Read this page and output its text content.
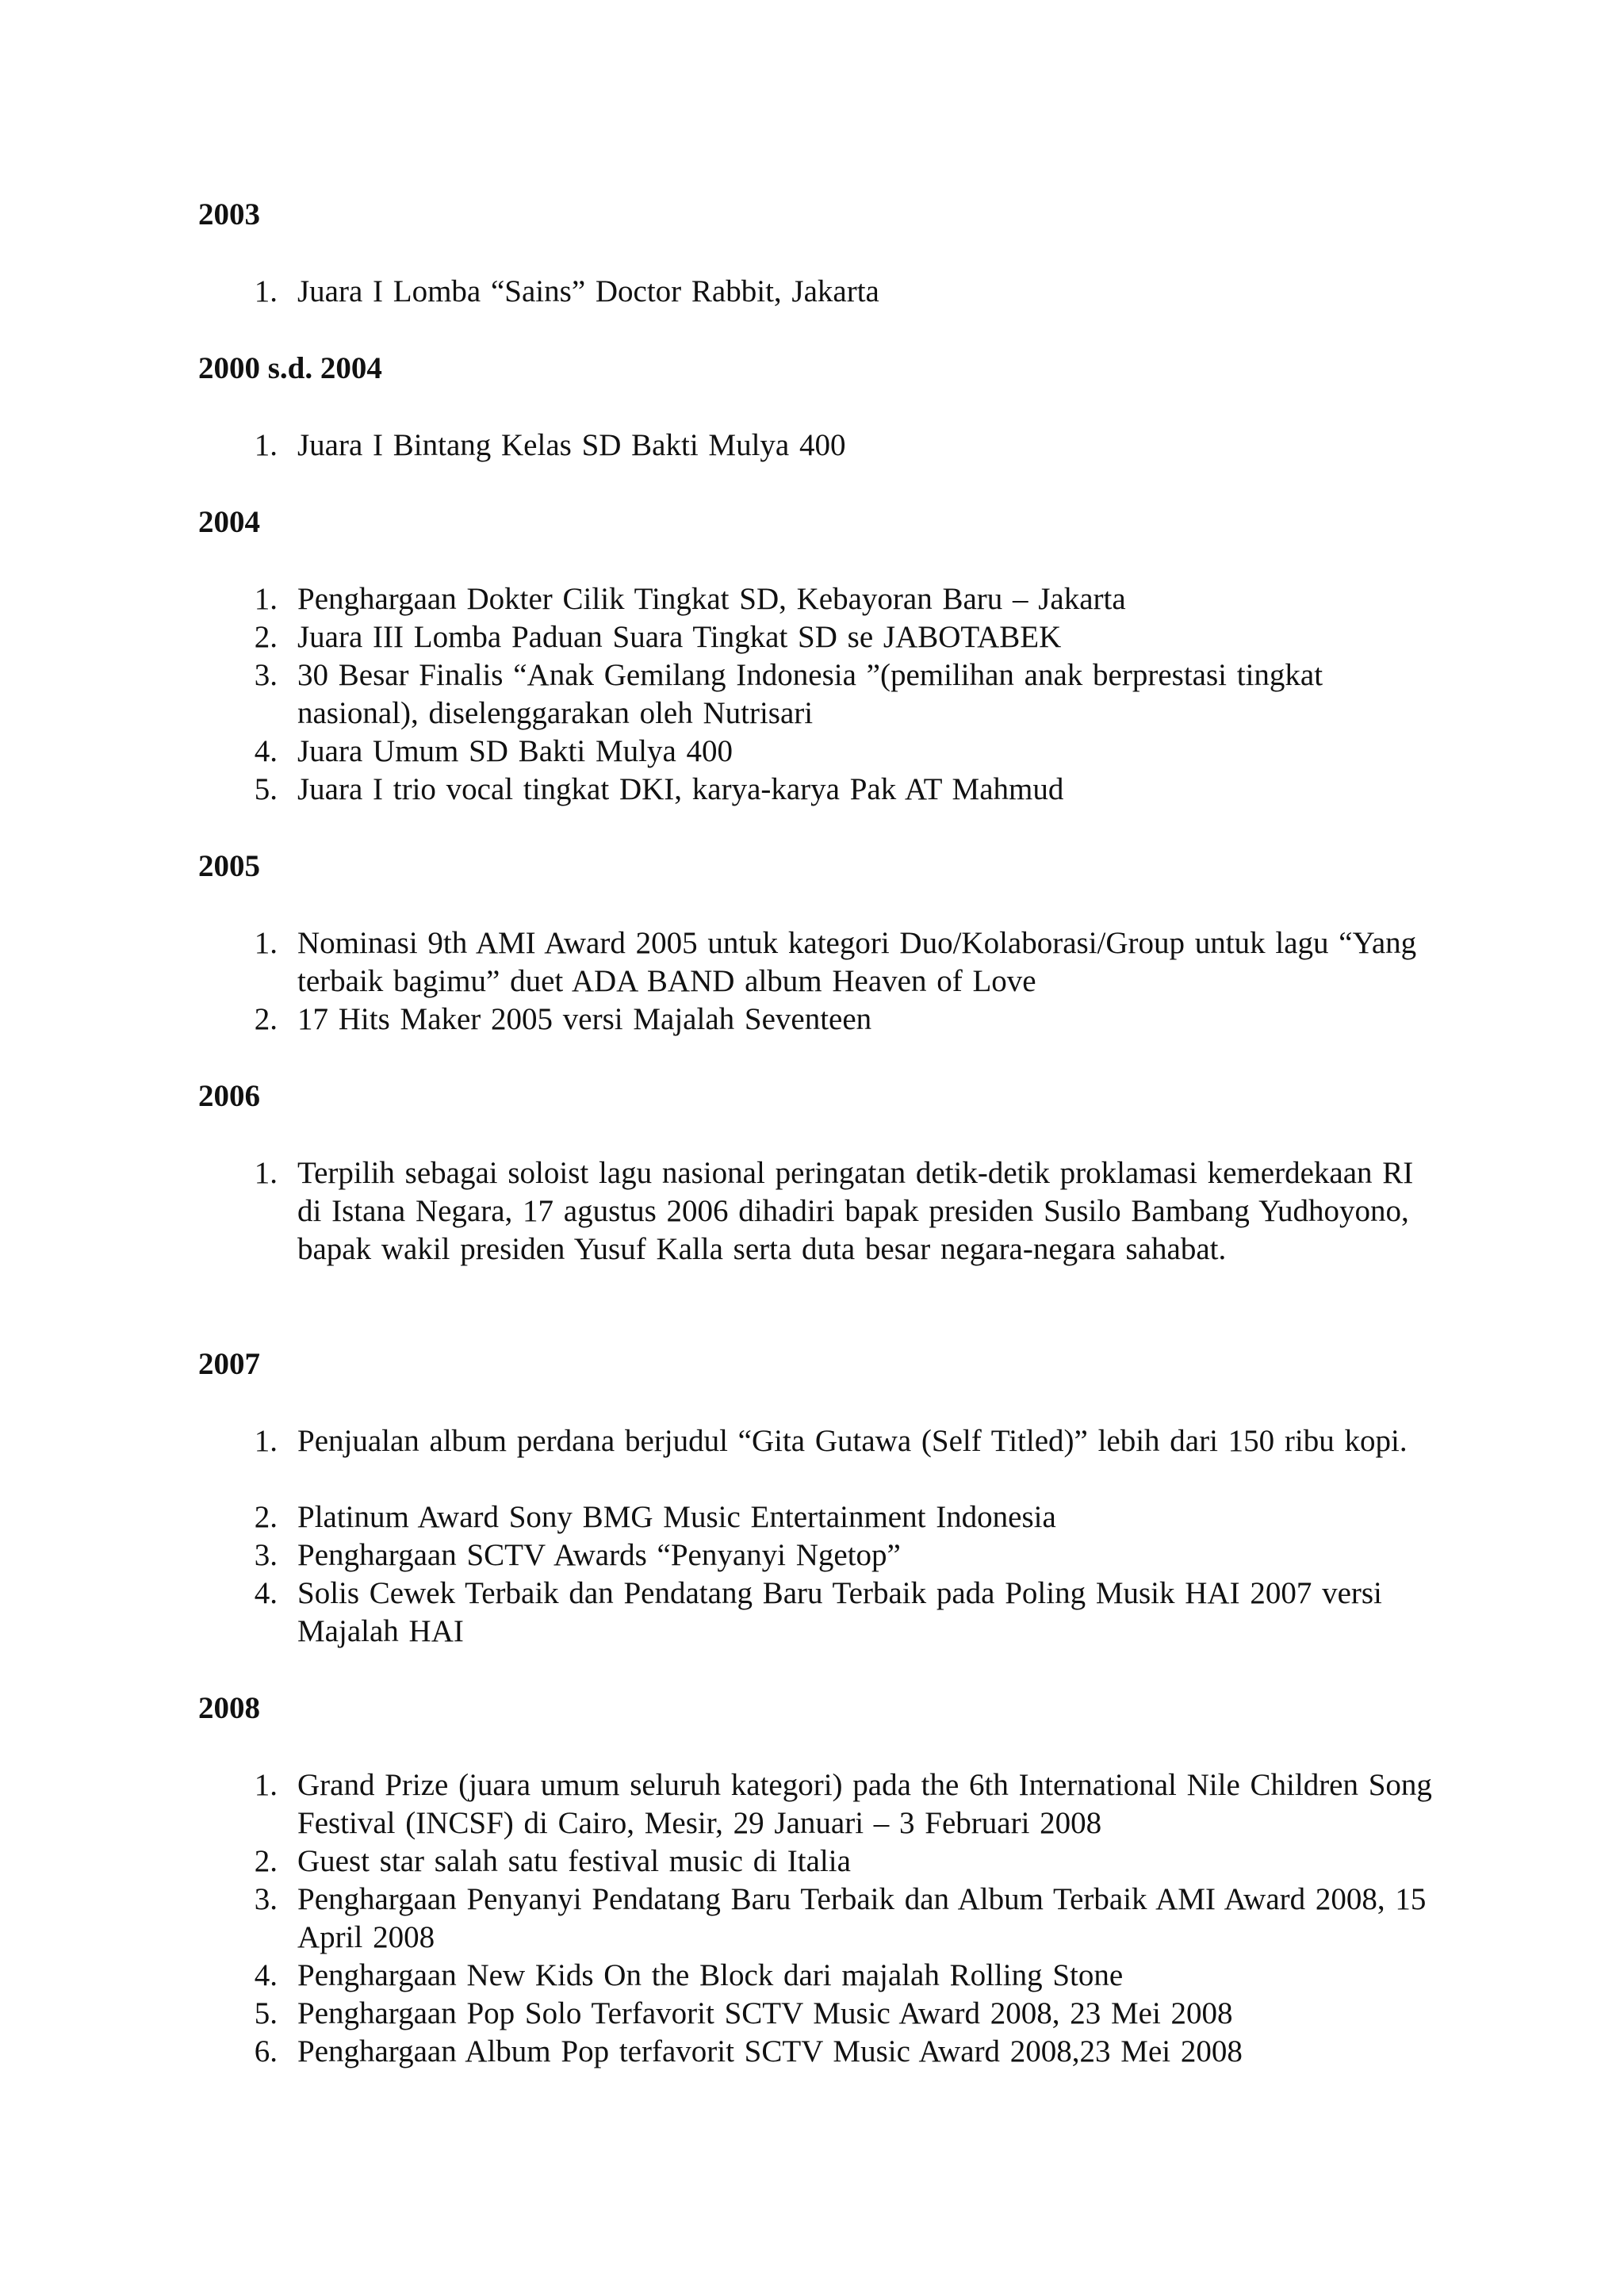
2003
1. Juara I Lomba “Sains” Doctor Rabbit, Jakarta
2000 s.d. 2004
1. Juara I Bintang Kelas SD Bakti Mulya 400
2004
1. Penghargaan Dokter Cilik Tingkat SD, Kebayoran Baru – Jakarta
2. Juara III Lomba Paduan Suara Tingkat SD se JABOTABEK
3. 30 Besar Finalis “Anak Gemilang Indonesia ”(pemilihan anak berprestasi tingkat nasional), diselenggarakan oleh Nutrisari
4. Juara Umum SD Bakti Mulya 400
5. Juara I trio vocal tingkat DKI, karya-karya Pak AT Mahmud
2005
1. Nominasi 9th AMI Award 2005 untuk kategori Duo/Kolaborasi/Group untuk lagu “Yang terbaik bagimu” duet ADA BAND album Heaven of Love
2. 17 Hits Maker 2005 versi Majalah Seventeen
2006
1. Terpilih sebagai soloist lagu nasional peringatan detik-detik proklamasi kemerdekaan RI di Istana Negara, 17 agustus 2006 dihadiri bapak presiden Susilo Bambang Yudhoyono, bapak wakil presiden Yusuf Kalla serta duta besar negara-negara sahabat.
2007
1. Penjualan album perdana berjudul “Gita Gutawa (Self Titled)” lebih dari 150 ribu kopi.
2. Platinum Award Sony BMG Music Entertainment Indonesia
3. Penghargaan SCTV Awards “Penyanyi Ngetop”
4. Solis Cewek Terbaik dan Pendatang Baru Terbaik pada Poling Musik HAI 2007 versi Majalah HAI
2008
1. Grand Prize (juara umum seluruh kategori) pada the 6th International Nile Children Song Festival (INCSF) di Cairo, Mesir, 29 Januari – 3 Februari 2008
2. Guest star salah satu festival music di Italia
3. Penghargaan Penyanyi Pendatang Baru Terbaik dan Album Terbaik AMI Award 2008, 15 April 2008
4. Penghargaan New Kids On the Block dari majalah Rolling Stone
5. Penghargaan Pop Solo Terfavorit SCTV Music Award 2008, 23 Mei 2008
6. Penghargaan Album Pop terfavorit SCTV Music Award 2008,23 Mei 2008
